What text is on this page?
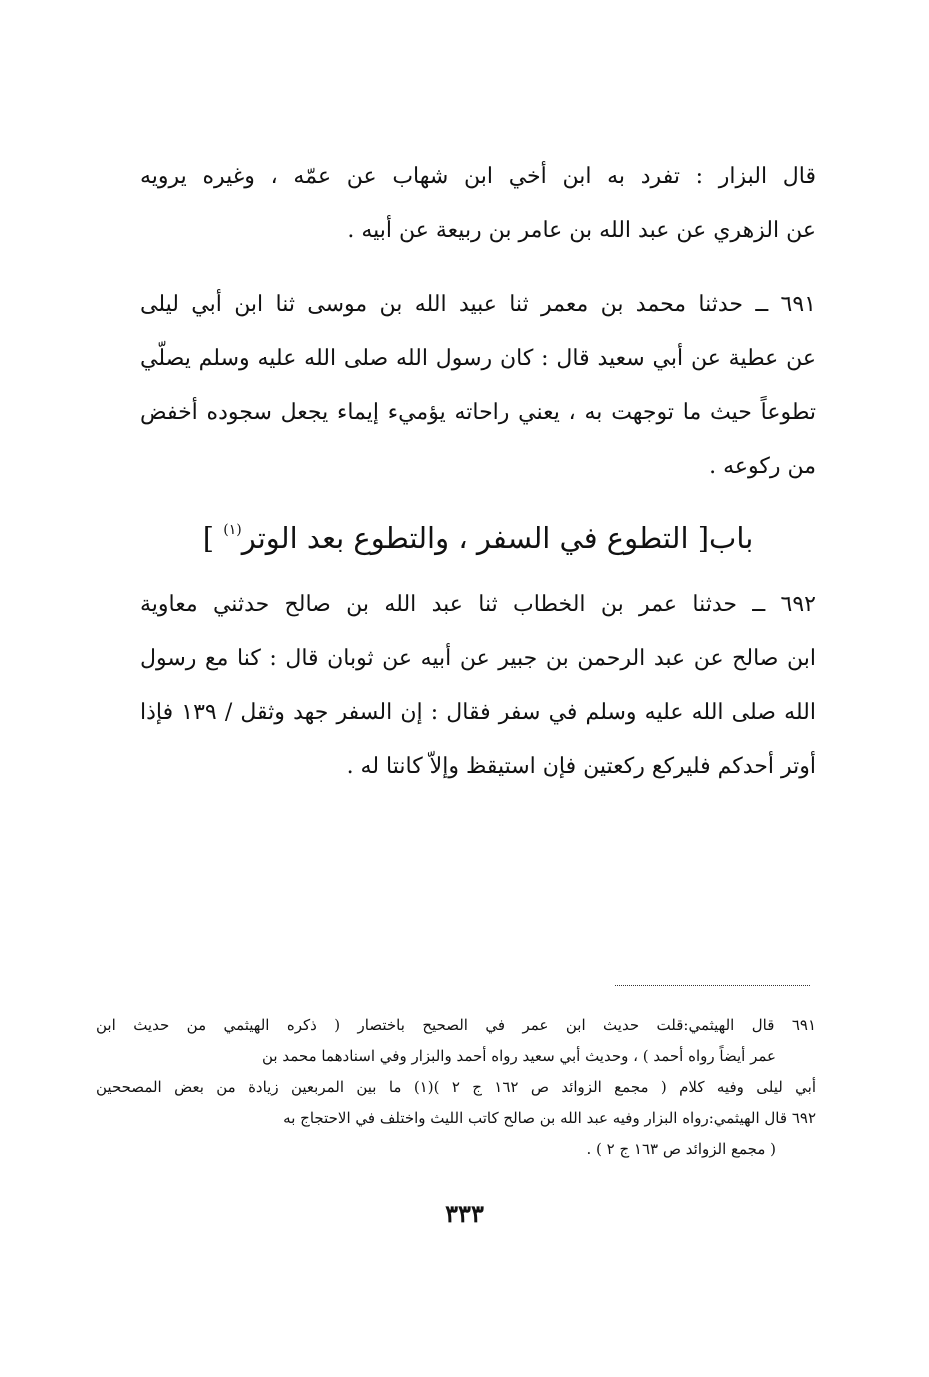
قال البزار : تفرد به ابن أخي ابن شهاب عن عمّه ، وغيره يرويه
عن الزهري عن عبد الله بن عامر بن ربيعة عن أبيه .
٦٩١ ــ حدثنا محمد بن معمر ثنا عبيد الله بن موسى ثنا ابن أبي ليلى
عن عطية عن أبي سعيد قال : كان رسول الله صلى الله عليه وسلم يصلّي
تطوعاً حيث ما توجهت به ، يعني راحاته يؤميء إيماء يجعل سجوده أخفض
من ركوعه .
باب[ التطوع في السفر ، والتطوع بعد الوتر$^{(١)}$ ]
٦٩٢ ــ حدثنا عمر بن الخطاب ثنا عبد الله بن صالح حدثني معاوية
ابن صالح عن عبد الرحمن بن جبير عن أبيه عن ثوبان قال : كنا مع رسول
الله صلى الله عليه وسلم في سفر فقال : إن السفر جهد وثقل / ١٣٩ فإذا
أوتر أحدكم فليركع ركعتين فإن استيقظ وإلاّ كانتا له .
٦٩١ قال الهيثمي:قلت حديث ابن عمر في الصحيح باختصار ( ذكره الهيثمي من حديث ابن
عمر أيضاً رواه أحمد ) ، وحديث أبي سعيد رواه أحمد والبزار وفي اسنادهما محمد بن
أبي ليلى وفيه كلام ( مجمع الزوائد ص ١٦٢ ج ٢ )(١) ما بين المربعين زيادة من بعض المصححين
٦٩٢ قال الهيثمي:رواه البزار وفيه عبد الله بن صالح كاتب الليث واختلف في الاحتجاج به
( مجمع الزوائد ص ١٦٣ ج ٢ ) .
٣٣٣
